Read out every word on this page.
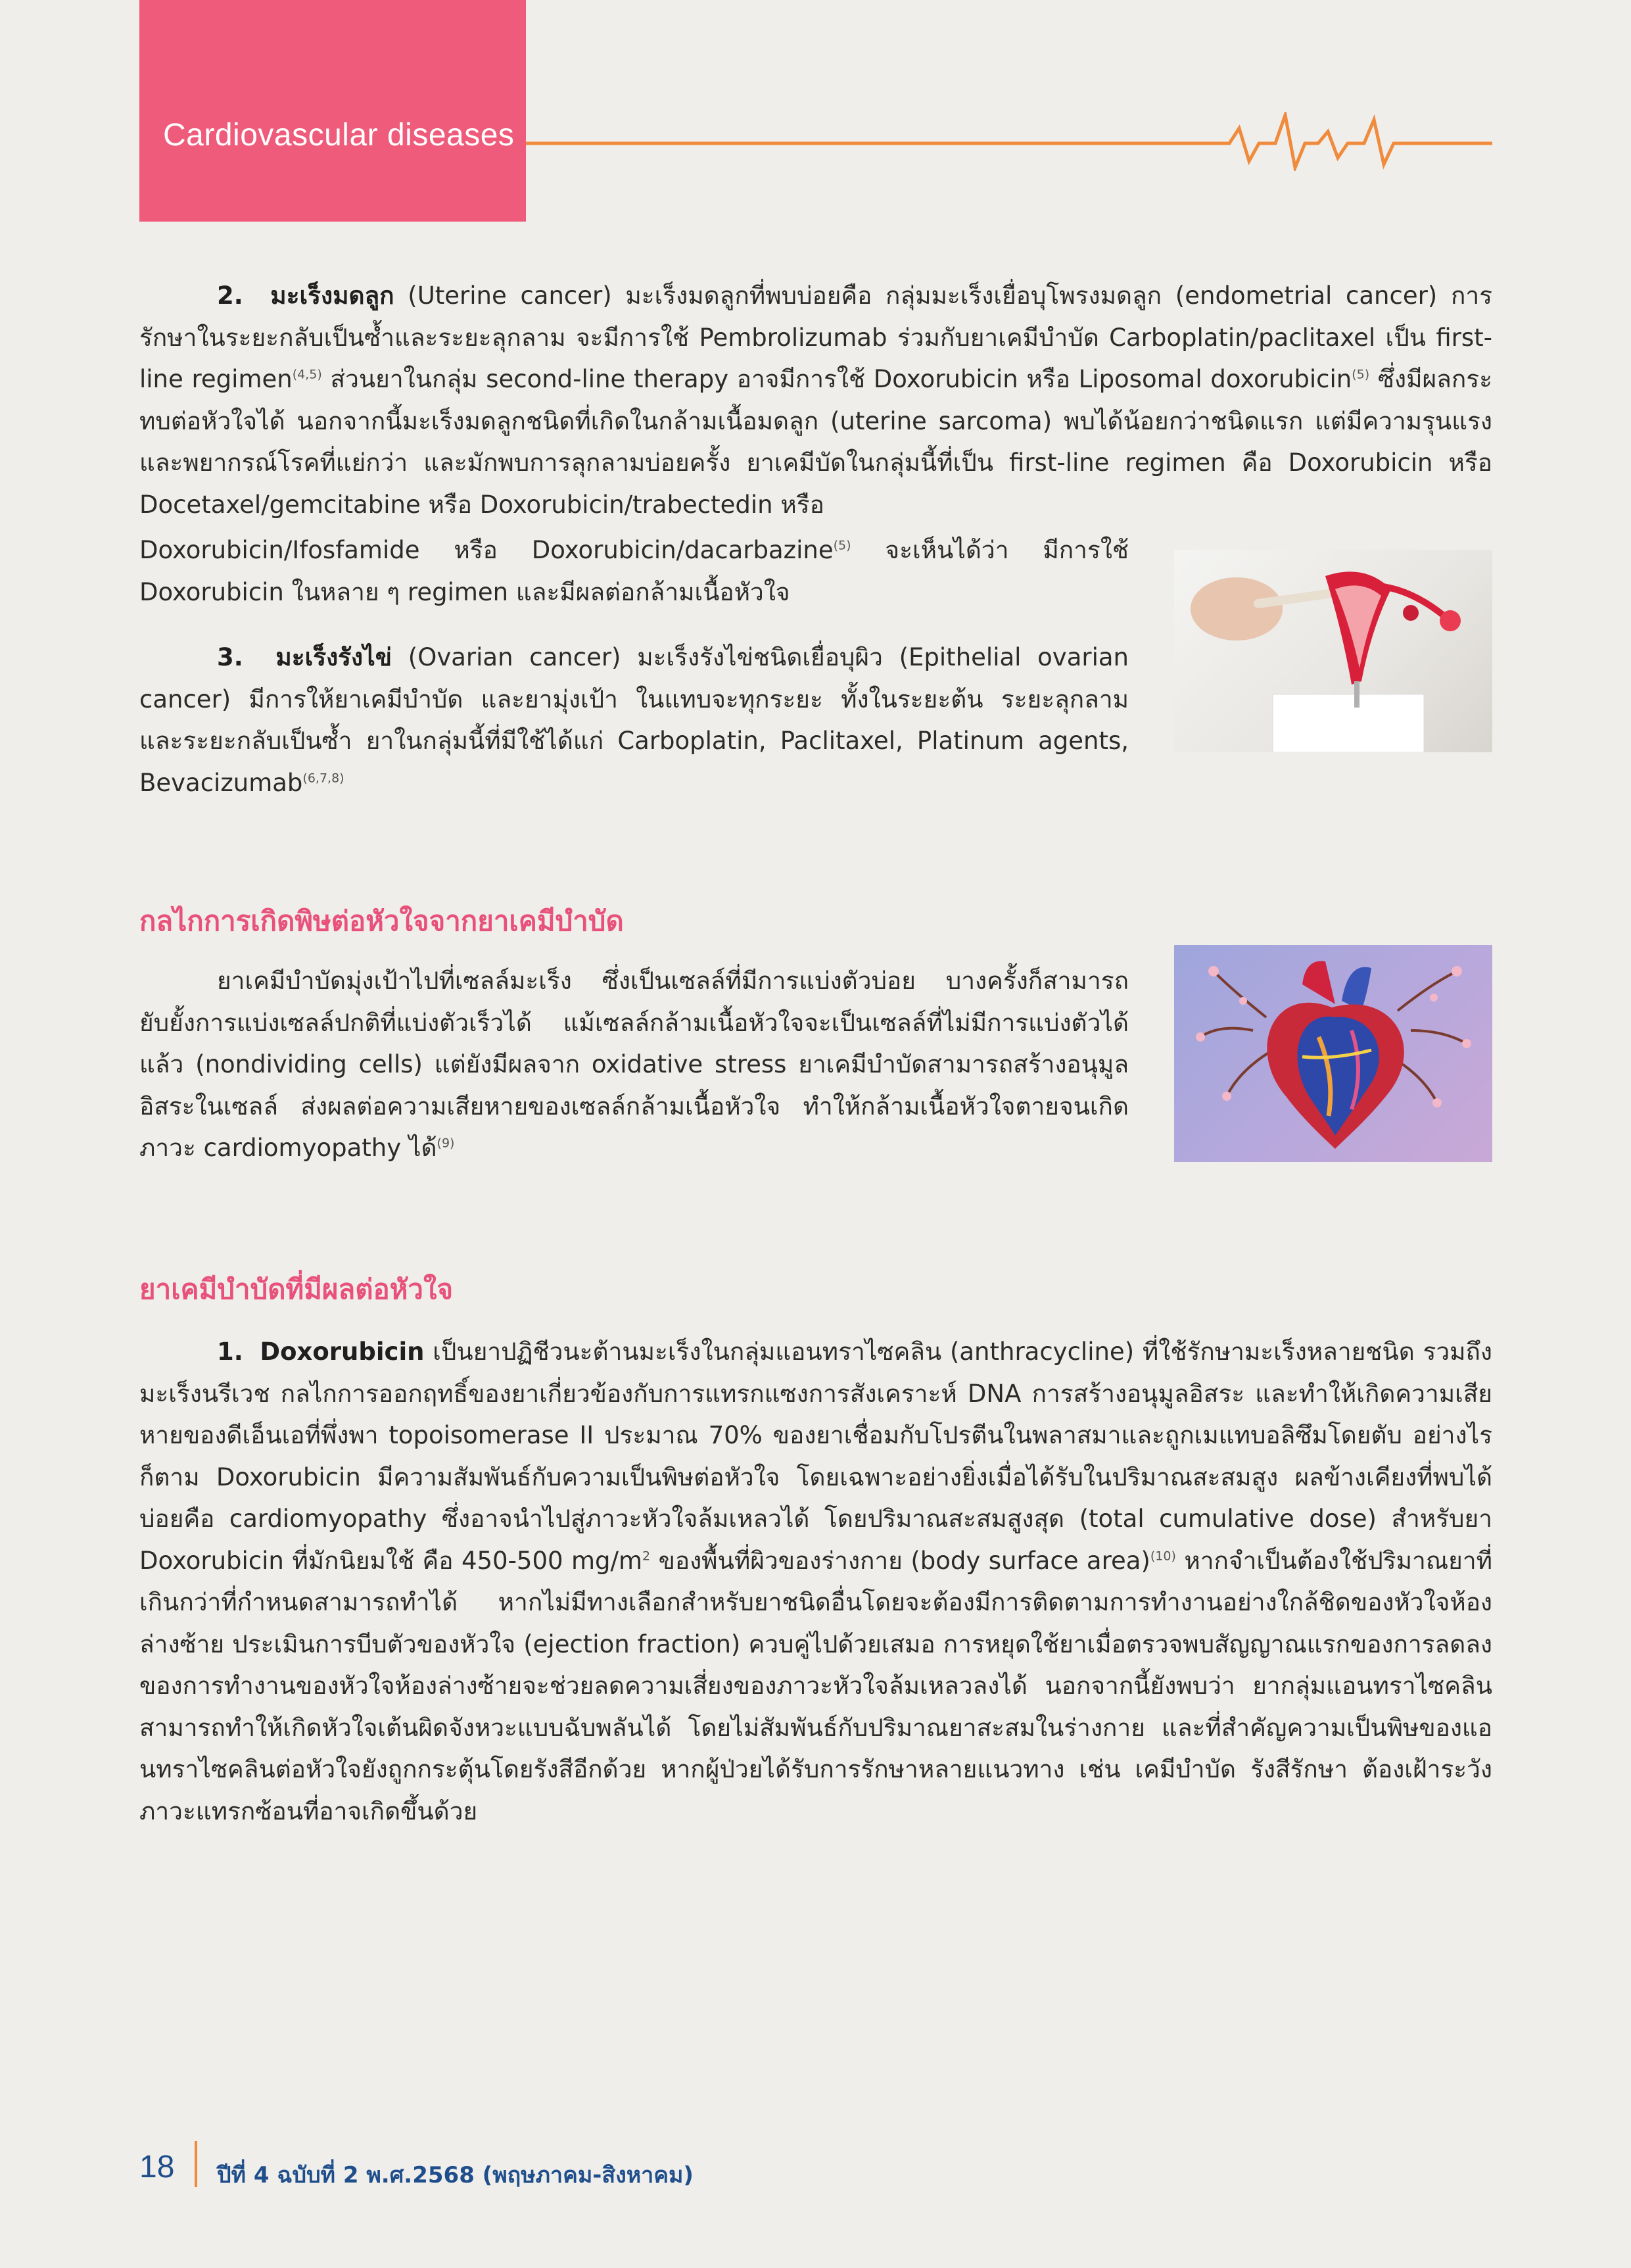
Cardiovascular diseases
2. มะเร็งมดลูก (Uterine cancer) มะเร็งมดลูกที่พบบ่อยคือ กลุ่มมะเร็งเยื่อบุโพรงมดลูก (endometrial cancer) การรักษาในระยะกลับเป็นซ้ำและระยะลุกลาม จะมีการใช้ Pembrolizumab ร่วมกับยาเคมีบำบัด Carboplatin/paclitaxel เป็น first-line regimen$^{(4,5)}$ ส่วนยาในกลุ่ม second-line therapy อาจมีการใช้ Doxorubicin หรือ Liposomal doxorubicin$^{(5)}$ ซึ่งมีผลกระทบต่อหัวใจได้ นอกจากนี้มะเร็งมดลูกชนิดที่เกิดในกล้ามเนื้อมดลูก (uterine sarcoma) พบได้น้อยกว่าชนิดแรก แต่มีความรุนแรงและพยากรณ์โรคที่แย่กว่า และมักพบการลุกลามบ่อยครั้ง ยาเคมีบัดในกลุ่มนี้ที่เป็น first-line regimen คือ Doxorubicin หรือ Docetaxel/gemcitabine หรือ Doxorubicin/trabectedin หรือ
Doxorubicin/Ifosfamide หรือ Doxorubicin/dacarbazine$^{(5)}$ จะเห็นได้ว่า มีการใช้ Doxorubicin ในหลาย ๆ regimen และมีผลต่อกล้ามเนื้อหัวใจ
3. มะเร็งรังไข่ (Ovarian cancer) มะเร็งรังไข่ชนิดเยื่อบุผิว (Epithelial ovarian cancer) มีการให้ยาเคมีบำบัด และยามุ่งเป้า ในแทบจะทุกระยะ ทั้งในระยะต้น ระยะลุกลาม และระยะกลับเป็นซ้ำ ยาในกลุ่มนี้ที่มีใช้ได้แก่ Carboplatin, Paclitaxel, Platinum agents, Bevacizumab$^{(6,7,8)}$
กลไกการเกิดพิษต่อหัวใจจากยาเคมีบำบัด
ยาเคมีบำบัดมุ่งเป้าไปที่เซลล์มะเร็ง ซึ่งเป็นเซลล์ที่มีการแบ่งตัวบ่อย บางครั้งก็สามารถยับยั้งการแบ่งเซลล์ปกติที่แบ่งตัวเร็วได้ แม้เซลล์กล้ามเนื้อหัวใจจะเป็นเซลล์ที่ไม่มีการแบ่งตัวได้แล้ว (nondividing cells) แต่ยังมีผลจาก oxidative stress ยาเคมีบำบัดสามารถสร้างอนุมูลอิสระในเซลล์ ส่งผลต่อความเสียหายของเซลล์กล้ามเนื้อหัวใจ ทำให้กล้ามเนื้อหัวใจตายจนเกิดภาวะ cardiomyopathy ได้$^{(9)}$
ยาเคมีบำบัดที่มีผลต่อหัวใจ
1. Doxorubicin เป็นยาปฏิชีวนะต้านมะเร็งในกลุ่มแอนทราไซคลิน (anthracycline) ที่ใช้รักษามะเร็งหลายชนิด รวมถึงมะเร็งนรีเวช กลไกการออกฤทธิ์ของยาเกี่ยวข้องกับการแทรกแซงการสังเคราะห์ DNA การสร้างอนุมูลอิสระ และทำให้เกิดความเสียหายของดีเอ็นเอที่พึ่งพา topoisomerase II ประมาณ 70% ของยาเชื่อมกับโปรตีนในพลาสมาและถูกเมแทบอลิซึมโดยตับ อย่างไรก็ตาม Doxorubicin มีความสัมพันธ์กับความเป็นพิษต่อหัวใจ โดยเฉพาะอย่างยิ่งเมื่อได้รับในปริมาณสะสมสูง ผลข้างเคียงที่พบได้บ่อยคือ cardiomyopathy ซึ่งอาจนำไปสู่ภาวะหัวใจล้มเหลวได้ โดยปริมาณสะสมสูงสุด (total cumulative dose) สำหรับยา Doxorubicin ที่มักนิยมใช้ คือ 450-500 $mg/m^2$ ของพื้นที่ผิวของร่างกาย (body surface area)$^{(10)}$ หากจำเป็นต้องใช้ปริมาณยาที่เกินกว่าที่กำหนดสามารถทำได้ หากไม่มีทางเลือกสำหรับยาชนิดอื่นโดยจะต้องมีการติดตามการทำงานอย่างใกล้ชิดของหัวใจห้องล่างซ้าย ประเมินการบีบตัวของหัวใจ (ejection fraction) ควบคู่ไปด้วยเสมอ การหยุดใช้ยาเมื่อตรวจพบสัญญาณแรกของการลดลงของการทำงานของหัวใจห้องล่างซ้ายจะช่วยลดความเสี่ยงของภาวะหัวใจล้มเหลวลงได้ นอกจากนี้ยังพบว่า ยากลุ่มแอนทราไซคลิน สามารถทำให้เกิดหัวใจเต้นผิดจังหวะแบบฉับพลันได้ โดยไม่สัมพันธ์กับปริมาณยาสะสมในร่างกาย และที่สำคัญความเป็นพิษของแอนทราไซคลินต่อหัวใจยังถูกกระตุ้นโดยรังสีอีกด้วย หากผู้ป่วยได้รับการรักษาหลายแนวทาง เช่น เคมีบำบัด รังสีรักษา ต้องเฝ้าระวังภาวะแทรกซ้อนที่อาจเกิดขึ้นด้วย
18 ปีที่ 4 ฉบับที่ 2 พ.ศ.2568 (พฤษภาคม-สิงหาคม)
